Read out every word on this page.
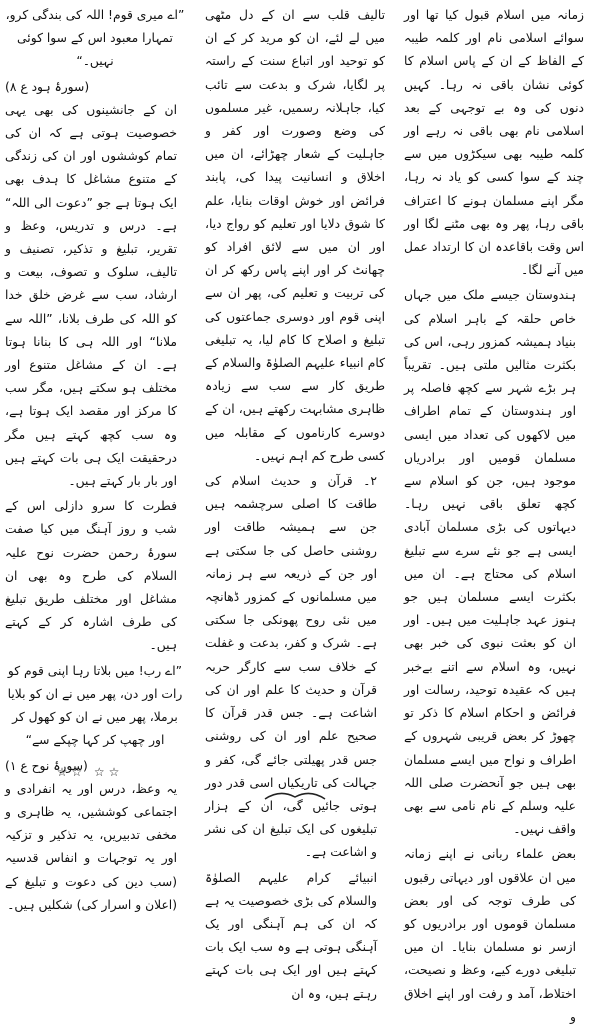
زمانہ میں اسلام قبول کیا تھا اور سوائے اسلامی نام اور کلمہ طیبہ کے الفاظ کے ان کے پاس اسلام کا کوئی نشان باقی نہ رہا۔ کہیں دنوں کی وہ بے توجہی کے بعد اسلامی نام بھی باقی نہ رہے اور کلمہ طیبہ بھی سیکڑوں میں سے چند کے سوا کسی کو یاد نہ رہا، مگر اپنے مسلمان ہونے کا اعتراف باقی رہا، پھر وہ بھی مٹنے لگا اور اس وقت باقاعدہ ان کا ارتداد عمل میں آنے لگا۔

ہندوستان جیسے ملک میں جہاں خاص حلقہ کے باہر اسلام کی بنیاد ہمیشہ کمزور رہی، اس کی بکثرت مثالیں ملتی ہیں۔ تقریباً ہر بڑے شہر سے کچھ فاصلہ پر اور ہندوستان کے تمام اطراف میں لاکھوں کی تعداد میں ایسی مسلمان قومیں اور برادریاں موجود ہیں، جن کو اسلام سے کچھ تعلق باقی نہیں رہا۔ دیہاتوں کی بڑی مسلمان آبادی ایسی ہے جو نئے سرے سے تبلیغ اسلام کی محتاج ہے۔ ان میں بکثرت ایسے مسلمان ہیں جو ہنوز عہد جاہلیت میں ہیں۔ اور ان کو بعثت نبوی کی خبر بھی نہیں، وہ اسلام سے اتنے بےخبر ہیں کہ عقیدہ توحید، رسالت اور فرائض و احکام اسلام کا ذکر تو چھوڑ کر بعض قریبی شہروں کے اطراف و نواح میں ایسے مسلمان بھی ہیں جو آنحضرت صلی اللہ علیہ وسلم کے نام نامی سے بھی واقف نہیں۔

بعض علماء ربانی نے اپنے زمانہ میں ان علاقوں اور دیہاتی رقبوں کی طرف توجہ کی اور بعض مسلمان قوموں اور برادریوں کو ازسر نو مسلمان بنایا۔ ان میں تبلیغی دورے کیے، وعظ و نصیحت، اختلاط، آمد و رفت اور اپنے اخلاق و

تالیف قلب سے ان کے دل مٹھی میں لے لئے، ان کو مرید کر کے ان کو توحید اور اتباع سنت کے راستہ پر لگایا، شرک و بدعت سے تائب کیا، جاہلانہ رسمیں، غیر مسلموں کی وضع وصورت اور کفر و جاہلیت کے شعار چھڑائے، ان میں اخلاق و انسانیت پیدا کی، پابند فرائض اور خوش اوقات بنایا، علم کا شوق دلایا اور تعلیم کو رواج دیا، اور ان میں سے لائق افراد کو چھانٹ کر اور اپنے پاس رکھ کر ان کی تربیت و تعلیم کی، پھر ان سے اپنی قوم اور دوسری جماعتوں کی تبلیغ و اصلاح کا کام لیا، یہ تبلیغی کام انبیاء علیہم الصلوٰۃ والسلام کے طریق کار سے سب سے زیادہ ظاہری مشابہت رکھتے ہیں، ان کے دوسرے کارناموں کے مقابلہ میں کسی طرح کم اہم نہیں۔

۲۔ قرآن و حدیث اسلام کی طاقت کا اصلی سرچشمہ ہیں جن سے ہمیشہ طاقت اور روشنی حاصل کی جا سکتی ہے اور جن کے ذریعہ سے ہر زمانہ میں مسلمانوں کے کمزور ڈھانچہ میں نئی روح پھونکی جا سکتی ہے۔ شرک و کفر، بدعت و غفلت کے خلاف سب سے کارگر حربہ قرآن و حدیث کا علم اور ان کی اشاعت ہے۔ جس قدر قرآن کا صحیح علم اور ان کی روشنی جس قدر پھیلتی جائے گی، کفر و جہالت کی تاریکیاں اسی قدر دور ہوتی جائیں گی، ان کے ہزار تبلیغوں کی ایک تبلیغ ان کی نشر و اشاعت ہے۔

انبیائے کرام علیہم الصلوٰۃ والسلام کی بڑی خصوصیت یہ ہے کہ ان کی ہم آہنگی اور یک آہنگی ہوتی ہے وہ سب ایک بات کہتے ہیں اور ایک ہی بات کہتے رہتے ہیں، وہ ان

”اے میری قوم! اللہ کی بندگی کرو، تمہارا معبود اس کے سوا کوئی نہیں۔“

(سورۂ ہود ع ۸)

ان کے جانشینوں کی بھی یہی خصوصیت ہوتی ہے کہ ان کی تمام کوششوں اور ان کی زندگی کے متنوع مشاغل کا ہدف بھی ایک ہوتا ہے جو ”دعوت الی اللہ“ ہے۔ درس و تدریس، وعظ و تقریر، تبلیغ و تذکیر، تصنیف و تالیف، سلوک و تصوف، بیعت و ارشاد، سب سے غرض خلق خدا کو اللہ کی طرف بلانا، ”اللہ سے ملانا“ اور اللہ ہی کا بنانا ہوتا ہے۔ ان کے مشاغل متنوع اور مختلف ہو سکتے ہیں، مگر سب کا مرکز اور مقصد ایک ہوتا ہے، وہ سب کچھ کہتے ہیں مگر درحقیقت ایک ہی بات کہتے ہیں اور بار بار کہتے ہیں۔

فطرت کا سرو دازلی اس کے شب و روز آہنگ میں کیا صفت سورۂ رحمن حضرت نوح علیہ السلام کی طرح وہ بھی ان مشاغل اور مختلف طریق تبلیغ کی طرف اشارہ کر کے کہتے ہیں۔

”اے رب! میں بلاتا رہا اپنی قوم کو رات اور دن، پھر میں نے ان کو بلایا برملا، پھر میں نے ان کو کھول کر اور چھپ کر کہا چپکے سے“

(سورۂ نوح ع ۱)

یہ وعظ، درس اور یہ انفرادی و اجتماعی کوششیں، یہ ظاہری و مخفی تدبیریں، یہ تذکیر و تزکیہ اور یہ توجہات و انفاس قدسیہ (سب دین کی دعوت و تبلیغ کے (اعلان و اسرار کی) شکلیں ہیں۔

☆☆ ☆☆
